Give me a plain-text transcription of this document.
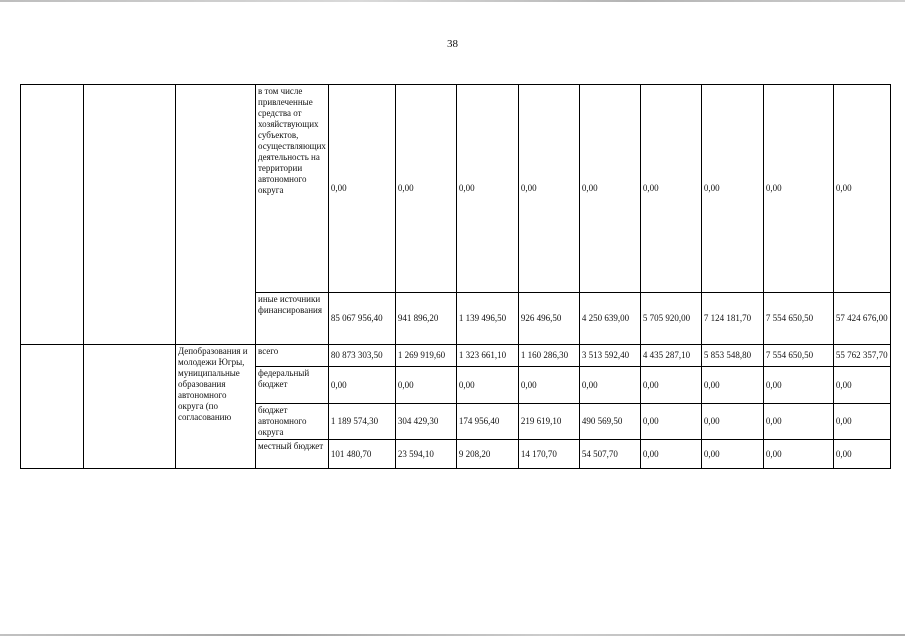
38
			в том числе привлеченные средства от хозяйствующих субъектов, осуществляющих деятельность на территории автономного округа	0,00	0,00	0,00	0,00	0,00	0,00	0,00	0,00	0,00
			иные источники финансирования	85 067 956,40	941 896,20	1 139 496,50	926 496,50	4 250 639,00	5 705 920,00	7 124 181,70	7 554 650,50	57 424 676,00
		Депобразования и молодежи Югры, муниципальные образования автономного округа (по согласованию	всего	80 873 303,50	1 269 919,60	1 323 661,10	1 160 286,30	3 513 592,40	4 435 287,10	5 853 548,80	7 554 650,50	55 762 357,70
			федеральный бюджет	0,00	0,00	0,00	0,00	0,00	0,00	0,00	0,00	0,00
			бюджет автономного округа	1 189 574,30	304 429,30	174 956,40	219 619,10	490 569,50	0,00	0,00	0,00	0,00
			местный бюджет	101 480,70	23 594,10	9 208,20	14 170,70	54 507,70	0,00	0,00	0,00	0,00
